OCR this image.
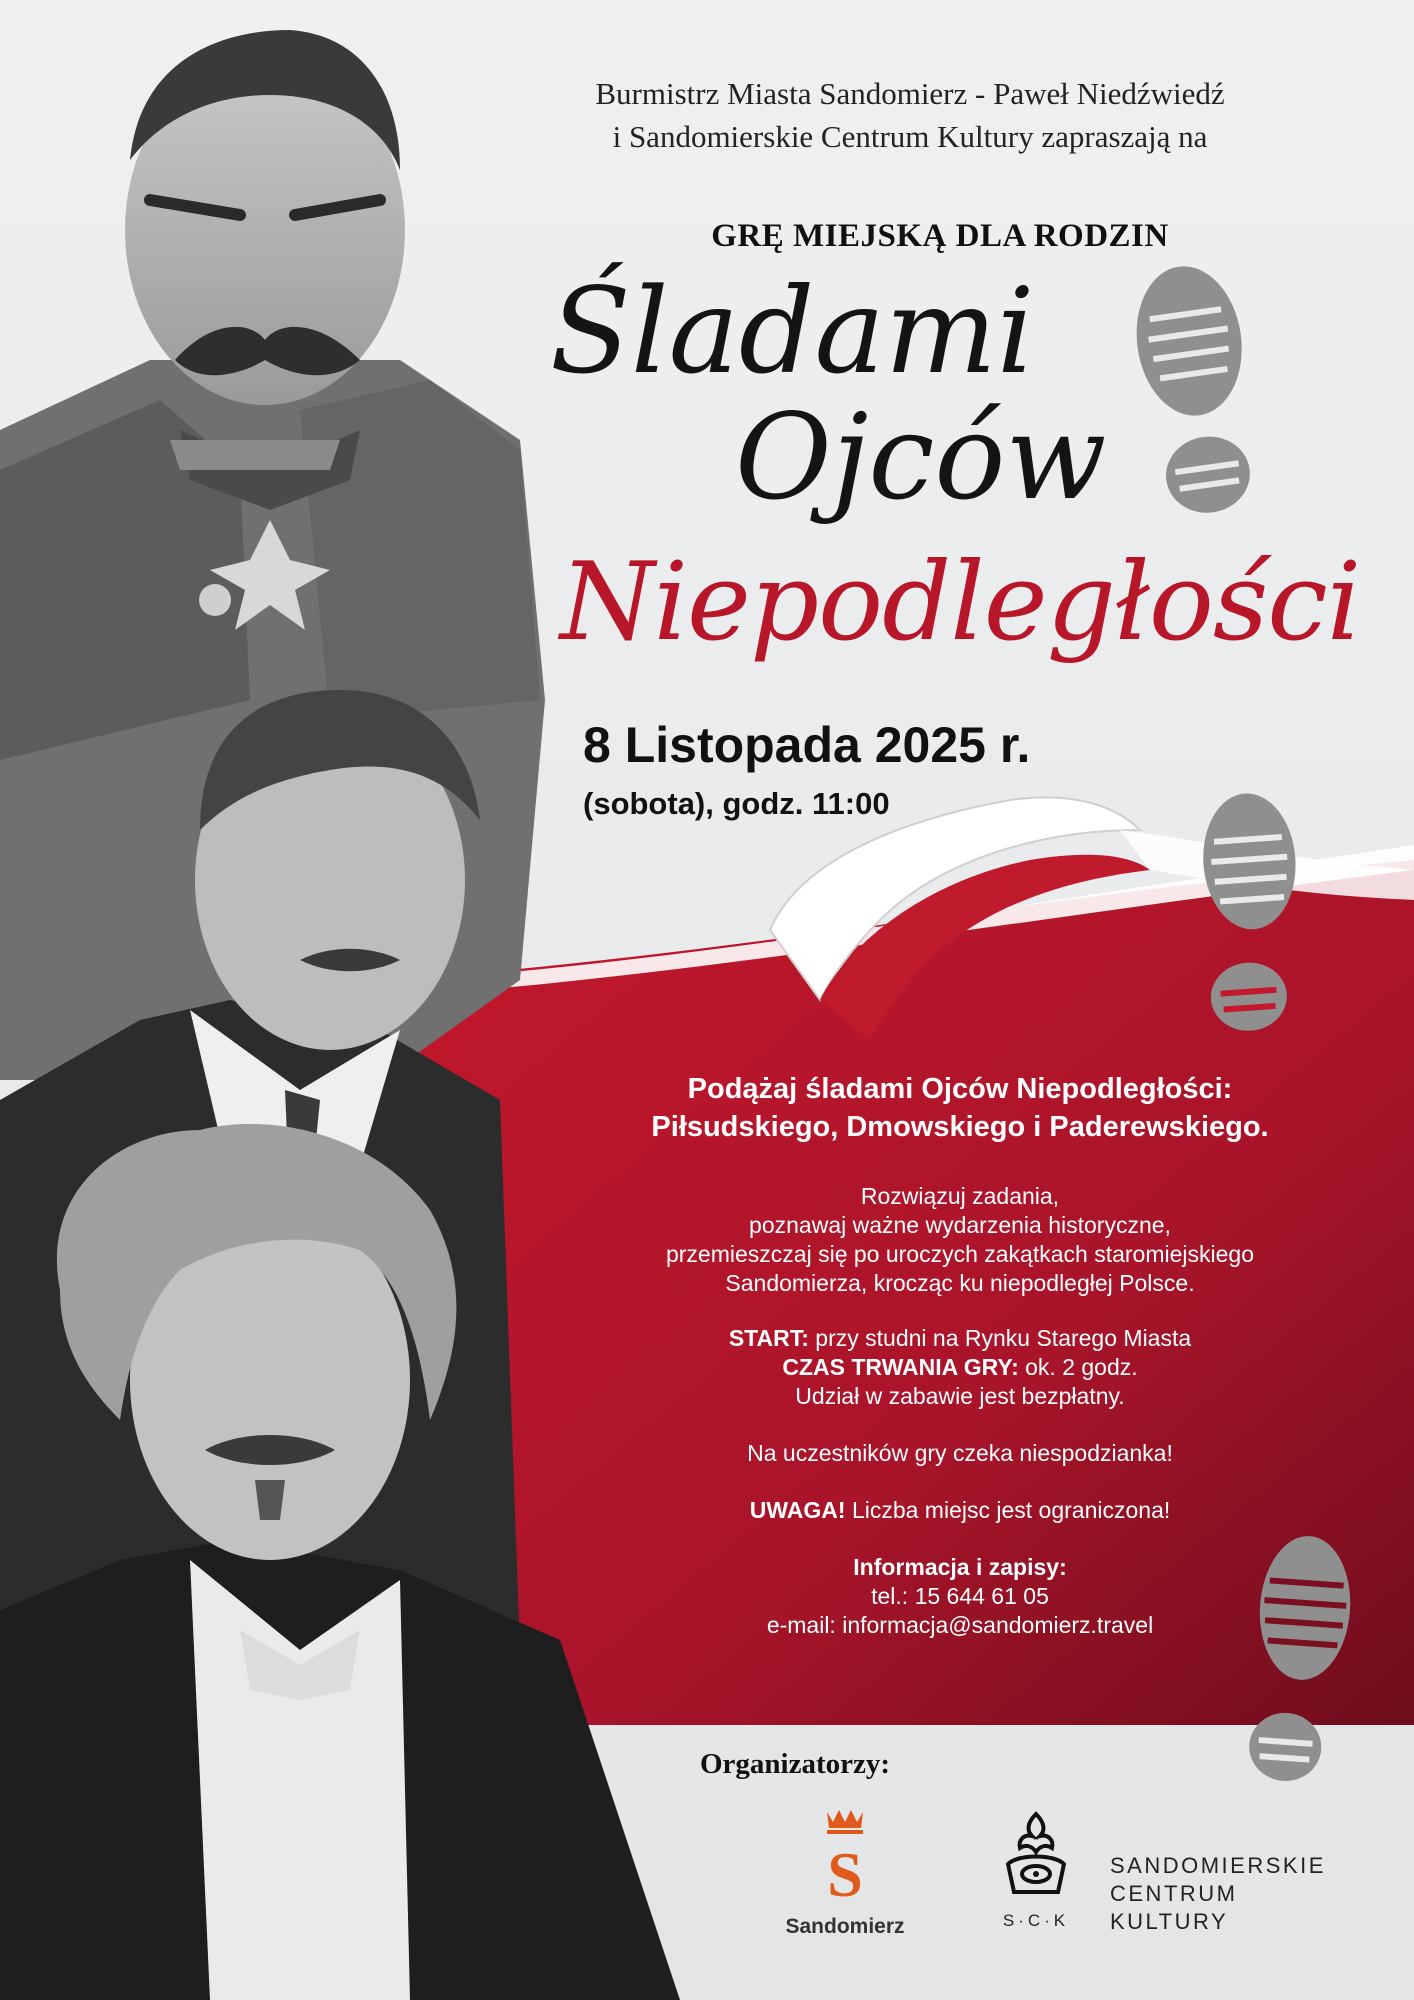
Burmistrz Miasta Sandomierz - Paweł Niedźwiedź
i Sandomierskie Centrum Kultury zapraszają na
GRĘ MIEJSKĄ DLA RODZIN
Śladami
Ojców
Niepodległości
8 Listopada 2025 r.
(sobota), godz. 11:00
Podążaj śladami Ojców Niepodległości:
Piłsudskiego, Dmowskiego i Paderewskiego.
Rozwiązuj zadania,
poznawaj ważne wydarzenia historyczne,
przemieszczaj się po uroczych zakątkach staromiejskiego
Sandomierza, krocząc ku niepodległej Polsce.
START: przy studni na Rynku Starego Miasta
CZAS TRWANIA GRY: ok. 2 godz.
Udział w zabawie jest bezpłatny.
Na uczestników gry czeka niespodzianka!
UWAGA! Liczba miejsc jest ograniczona!
Informacja i zapisy:
tel.: 15 644 61 05
e-mail: informacja@sandomierz.travel
Organizatorzy:
S
Sandomierz	S·C·K
SANDOMIERSKIE
CENTRUM
KULTURY
